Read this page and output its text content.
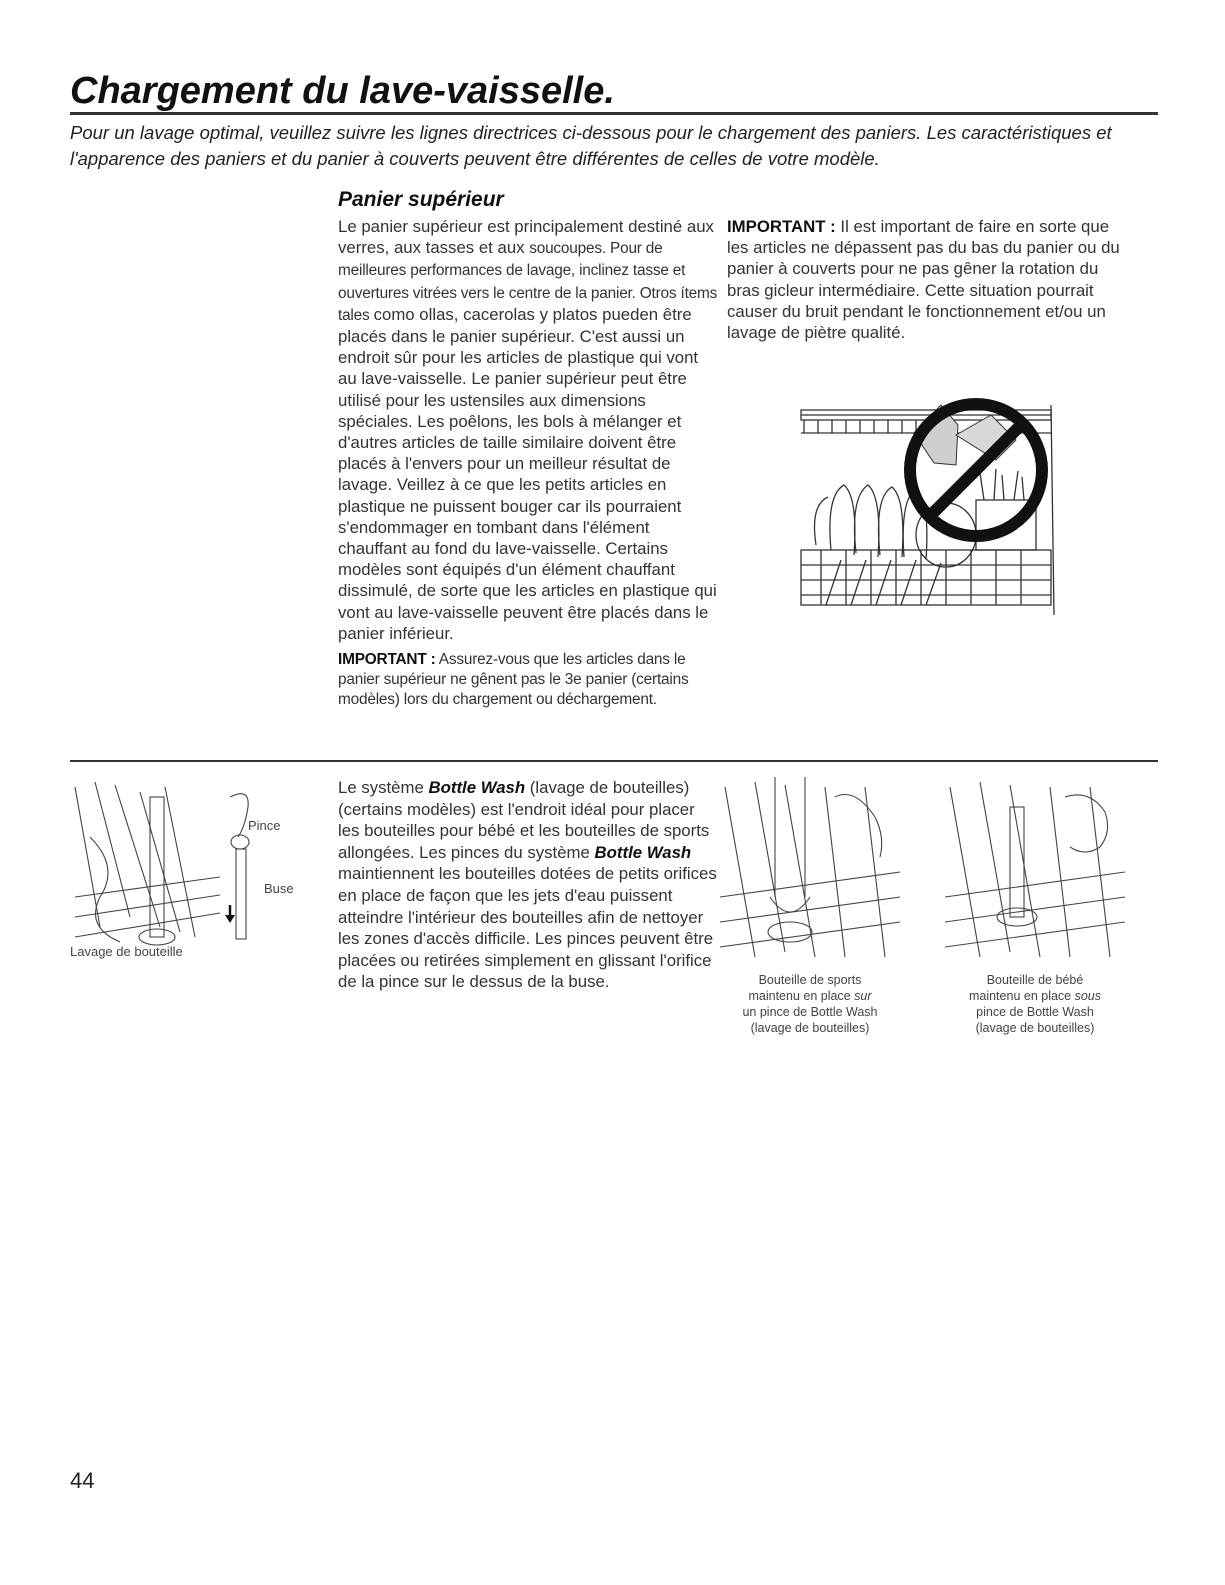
Chargement du lave-vaisselle.

Pour un lavage optimal, veuillez suivre les lignes directrices ci-dessous pour le chargement des paniers. Les caractéristiques et l'apparence des paniers et du panier à couverts peuvent être différentes de celles de votre modèle.

Panier supérieur

Le panier supérieur est principalement destiné aux verres, aux tasses et aux soucoupes. Pour de meilleures performances de lavage, inclinez tasse et ouvertures vitrées vers le centre de la panier. Otros ítems tales como ollas, cacerolas y platos pueden être placés dans le panier supérieur. C'est aussi un endroit sûr pour les articles de plastique qui vont au lave-vaisselle. Le panier supérieur peut être utilisé pour les ustensiles aux dimensions spéciales. Les poêlons, les bols à mélanger et d'autres articles de taille similaire doivent être placés à l'envers pour un meilleur résultat de lavage. Veillez à ce que les petits articles en plastique ne puissent bouger car ils pourraient s'endommager en tombant dans l'élément chauffant au fond du lave-vaisselle. Certains modèles sont équipés d'un élément chauffant dissimulé, de sorte que les articles en plastique qui vont au lave-vaisselle peuvent être placés dans le panier inférieur.

IMPORTANT : Assurez-vous que les articles dans le panier supérieur ne gênent pas le 3e panier (certains modèles) lors du chargement ou déchargement.

IMPORTANT : Il est important de faire en sorte que les articles ne dépassent pas du bas du panier ou du panier à couverts pour ne pas gêner la rotation du bras gicleur intermédiaire. Cette situation pourrait causer du bruit pendant le fonctionnement et/ou un lavage de piètre qualité.

Pince
Buse
Lavage de bouteille

Le système Bottle Wash (lavage de bouteilles) (certains modèles) est l'endroit idéal pour placer les bouteilles pour bébé et les bouteilles de sports allongées. Les pinces du système Bottle Wash maintiennent les bouteilles dotées de petits orifices en place de façon que les jets d'eau puissent atteindre l'intérieur des bouteilles afin de nettoyer les zones d'accès difficile. Les pinces peuvent être placées ou retirées simplement en glissant l'orifice de la pince sur le dessus de la buse.	Bouteille de sports
maintenu en place sur
un pince de Bottle Wash
(lavage de bouteilles)
Bouteille de bébé
maintenu en place sous
pince de Bottle Wash
(lavage de bouteilles)
44
